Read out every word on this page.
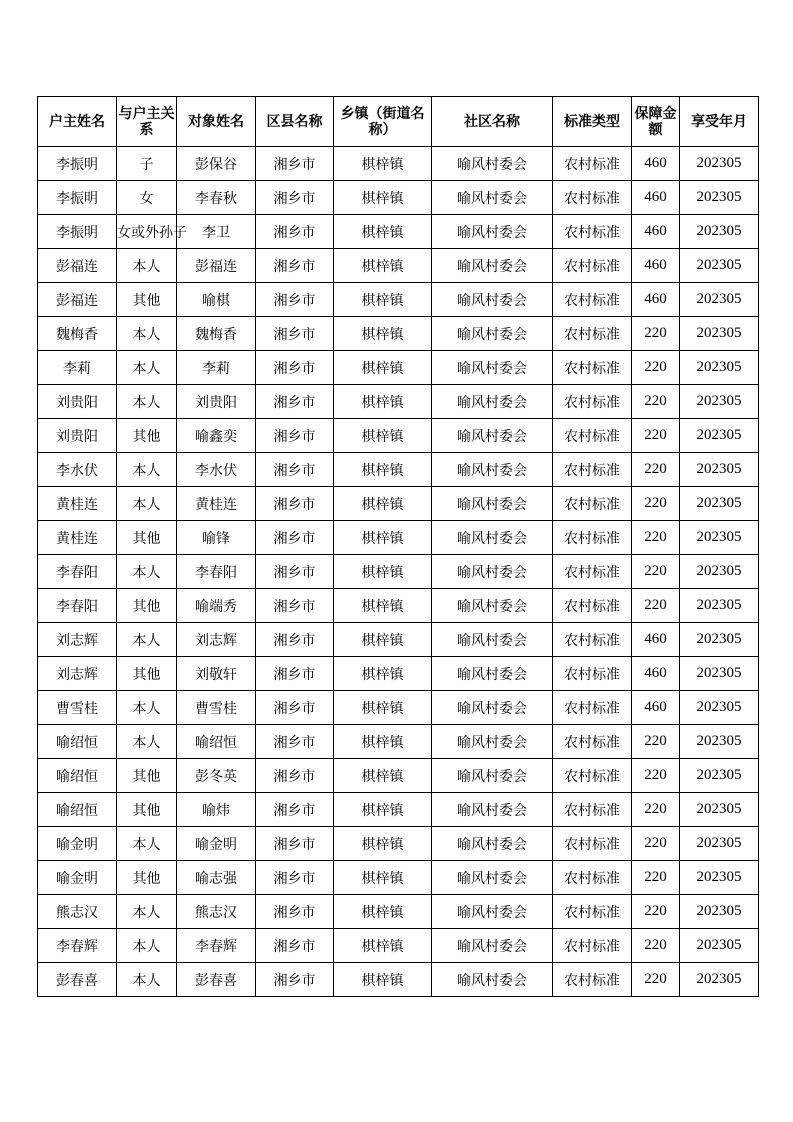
户主姓名	与户主关系	对象姓名	区县名称	乡镇（街道名称）	社区名称	标准类型	保障金额	享受年月
李振明	子	彭保谷	湘乡市	棋梓镇	喻风村委会	农村标准	460	202305
李振明	女	李春秋	湘乡市	棋梓镇	喻风村委会	农村标准	460	202305
李振明	女或外孙子	李卫	湘乡市	棋梓镇	喻风村委会	农村标准	460	202305
彭福连	本人	彭福连	湘乡市	棋梓镇	喻风村委会	农村标准	460	202305
彭福连	其他	喻棋	湘乡市	棋梓镇	喻风村委会	农村标准	460	202305
魏梅香	本人	魏梅香	湘乡市	棋梓镇	喻风村委会	农村标准	220	202305
李莉	本人	李莉	湘乡市	棋梓镇	喻风村委会	农村标准	220	202305
刘贵阳	本人	刘贵阳	湘乡市	棋梓镇	喻风村委会	农村标准	220	202305
刘贵阳	其他	喻鑫奕	湘乡市	棋梓镇	喻风村委会	农村标准	220	202305
李水伏	本人	李水伏	湘乡市	棋梓镇	喻风村委会	农村标准	220	202305
黄桂连	本人	黄桂连	湘乡市	棋梓镇	喻风村委会	农村标准	220	202305
黄桂连	其他	喻锋	湘乡市	棋梓镇	喻风村委会	农村标准	220	202305
李春阳	本人	李春阳	湘乡市	棋梓镇	喻风村委会	农村标准	220	202305
李春阳	其他	喻端秀	湘乡市	棋梓镇	喻风村委会	农村标准	220	202305
刘志辉	本人	刘志辉	湘乡市	棋梓镇	喻风村委会	农村标准	460	202305
刘志辉	其他	刘敬轩	湘乡市	棋梓镇	喻风村委会	农村标准	460	202305
曹雪桂	本人	曹雪桂	湘乡市	棋梓镇	喻风村委会	农村标准	460	202305
喻绍恒	本人	喻绍恒	湘乡市	棋梓镇	喻风村委会	农村标准	220	202305
喻绍恒	其他	彭冬英	湘乡市	棋梓镇	喻风村委会	农村标准	220	202305
喻绍恒	其他	喻炜	湘乡市	棋梓镇	喻风村委会	农村标准	220	202305
喻金明	本人	喻金明	湘乡市	棋梓镇	喻风村委会	农村标准	220	202305
喻金明	其他	喻志强	湘乡市	棋梓镇	喻风村委会	农村标准	220	202305
熊志汉	本人	熊志汉	湘乡市	棋梓镇	喻风村委会	农村标准	220	202305
李春辉	本人	李春辉	湘乡市	棋梓镇	喻风村委会	农村标准	220	202305
彭春喜	本人	彭春喜	湘乡市	棋梓镇	喻风村委会	农村标准	220	202305
